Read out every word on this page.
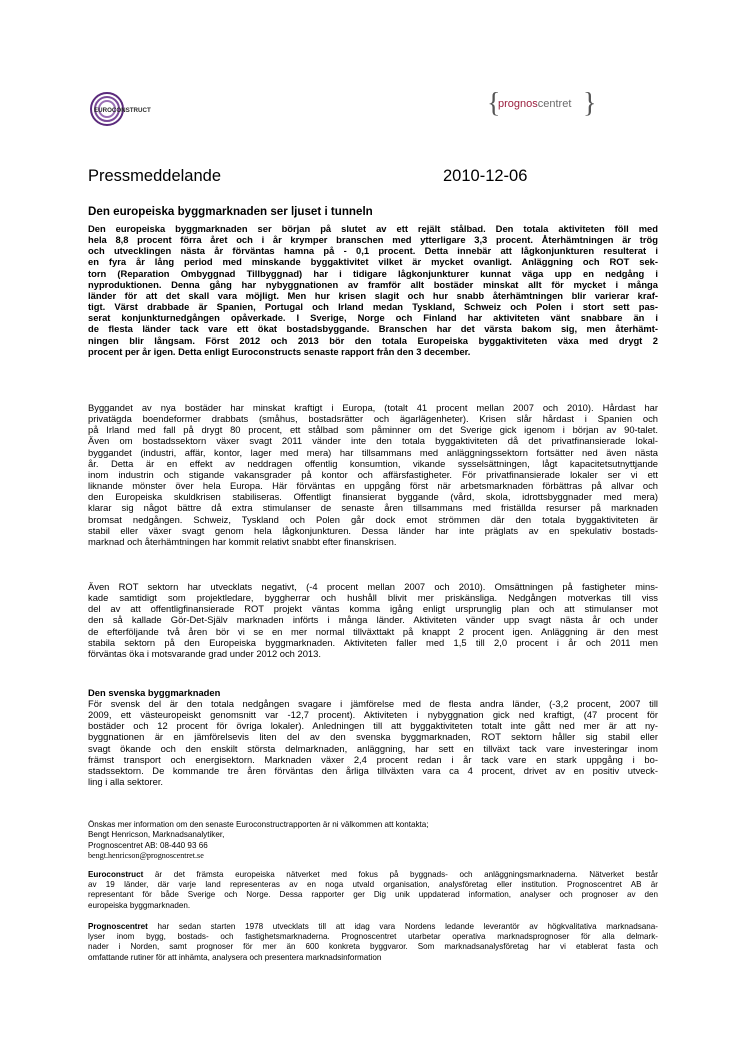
EUROCONSTRUCT	{
prognoscentret }
Pressmeddelande	2010-12-06
Den europeiska byggmarknaden ser ljuset i tunneln
Den europeiska byggmarknaden ser början på slutet av ett rejält stålbad. Den totala aktiviteten föll med
hela 8,8 procent förra året och i år krymper branschen med ytterligare 3,3 procent. Återhämtningen är trög
och utvecklingen nästa år förväntas hamna på - 0,1 procent. Detta innebär att lågkonjunkturen resulterat i
en fyra år lång period med minskande byggaktivitet vilket är mycket ovanligt. Anläggning och ROT sek-
torn (Reparation Ombyggnad Tillbyggnad) har i tidigare lågkonjunkturer kunnat väga upp en nedgång i
nyproduktionen. Denna gång har nybyggnationen av framför allt bostäder minskat allt för mycket i många
länder för att det skall vara möjligt. Men hur krisen slagit och hur snabb återhämtningen blir varierar kraf-
tigt. Värst drabbade är Spanien, Portugal och Irland medan Tyskland, Schweiz och Polen i stort sett pas-
serat konjunkturnedgången opåverkade. I Sverige, Norge och Finland har aktiviteten vänt snabbare än i
de flesta länder tack vare ett ökat bostadsbyggande. Branschen har det värsta bakom sig, men återhämt-
ningen blir långsam. Först 2012 och 2013 bör den totala Europeiska byggaktiviteten växa med drygt 2
procent per år igen. Detta enligt Euroconstructs senaste rapport från den 3 december.
Byggandet av nya bostäder har minskat kraftigt i Europa, (totalt 41 procent mellan 2007 och 2010). Hårdast har
privatägda boendeformer drabbats (småhus, bostadsrätter och ägarlägenheter). Krisen slår hårdast i Spanien och
på Irland med fall på drygt 80 procent, ett stålbad som påminner om det Sverige gick igenom i början av 90-talet.
Även om bostadssektorn växer svagt 2011 vänder inte den totala byggaktiviteten då det privatfinansierade lokal-
byggandet (industri, affär, kontor, lager med mera) har tillsammans med anläggningssektorn fortsätter ned även nästa
år. Detta är en effekt av neddragen offentlig konsumtion, vikande sysselsättningen, lågt kapacitetsutnyttjande
inom industrin och stigande vakansgrader på kontor och affärsfastigheter. För privatfinansierade lokaler ser vi ett
liknande mönster över hela Europa. Här förväntas en uppgång först när arbetsmarknaden förbättras på allvar och
den Europeiska skuldkrisen stabiliseras. Offentligt finansierat byggande (vård, skola, idrottsbyggnader med mera)
klarar sig något bättre då extra stimulanser de senaste åren tillsammans med friställda resurser på marknaden
bromsat nedgången. Schweiz, Tyskland och Polen går dock emot strömmen där den totala byggaktiviteten är
stabil eller växer svagt genom hela lågkonjunkturen. Dessa länder har inte präglats av en spekulativ bostads-
marknad och återhämtningen har kommit relativt snabbt efter finanskrisen.
Även ROT sektorn har utvecklats negativt, (-4 procent mellan 2007 och 2010). Omsättningen på fastigheter mins-
kade samtidigt som projektledare, byggherrar och hushåll blivit mer priskänsliga. Nedgången motverkas till viss
del av att offentligfinansierade ROT projekt väntas komma igång enligt ursprunglig plan och att stimulanser mot
den så kallade Gör-Det-Själv marknaden införts i många länder. Aktiviteten vänder upp svagt nästa år och under
de efterföljande två åren bör vi se en mer normal tillväxttakt på knappt 2 procent igen. Anläggning är den mest
stabila sektorn på den Europeiska byggmarknaden. Aktiviteten faller med 1,5 till 2,0 procent i år och 2011 men
förväntas öka i motsvarande grad under 2012 och 2013.
Den svenska byggmarknaden
För svensk del är den totala nedgången svagare i jämförelse med de flesta andra länder, (-3,2 procent, 2007 till
2009, ett västeuropeiskt genomsnitt var -12,7 procent). Aktiviteten i nybyggnation gick ned kraftigt, (47 procent för
bostäder och 12 procent för övriga lokaler). Anledningen till att byggaktiviteten totalt inte gått ned mer är att ny-
byggnationen är en jämförelsevis liten del av den svenska byggmarknaden, ROT sektorn håller sig stabil eller
svagt ökande och den enskilt största delmarknaden, anläggning, har sett en tillväxt tack vare investeringar inom
främst transport och energisektorn. Marknaden växer 2,4 procent redan i år tack vare en stark uppgång i bo-
stadssektorn. De kommande tre åren förväntas den årliga tillväxten vara ca 4 procent, drivet av en positiv utveck-
ling i alla sektorer.
Önskas mer information om den senaste Euroconstructrapporten är ni välkommen att kontakta;
Bengt Henricson, Marknadsanalytiker,
Prognoscentret AB: 08-440 93 66
bengt.henricson@prognoscentret.se
Euroconstruct är det främsta europeiska nätverket med fokus på byggnads- och anläggningsmarknaderna. Nätverket består
av 19 länder, där varje land representeras av en noga utvald organisation, analysföretag eller institution. Prognoscentret AB är
representant för både Sverige och Norge. Dessa rapporter ger Dig unik uppdaterad information, analyser och prognoser av den
europeiska byggmarknaden.
Prognoscentret har sedan starten 1978 utvecklats till att idag vara Nordens ledande leverantör av högkvalitativa marknadsana-
lyser inom bygg, bostads- och fastighetsmarknaderna. Prognoscentret utarbetar operativa marknadsprognoser för alla delmark-
nader i Norden, samt prognoser för mer än 600 konkreta byggvaror. Som marknadsanalysföretag har vi etablerat fasta och
omfattande rutiner för att inhämta, analysera och presentera marknadsinformation
